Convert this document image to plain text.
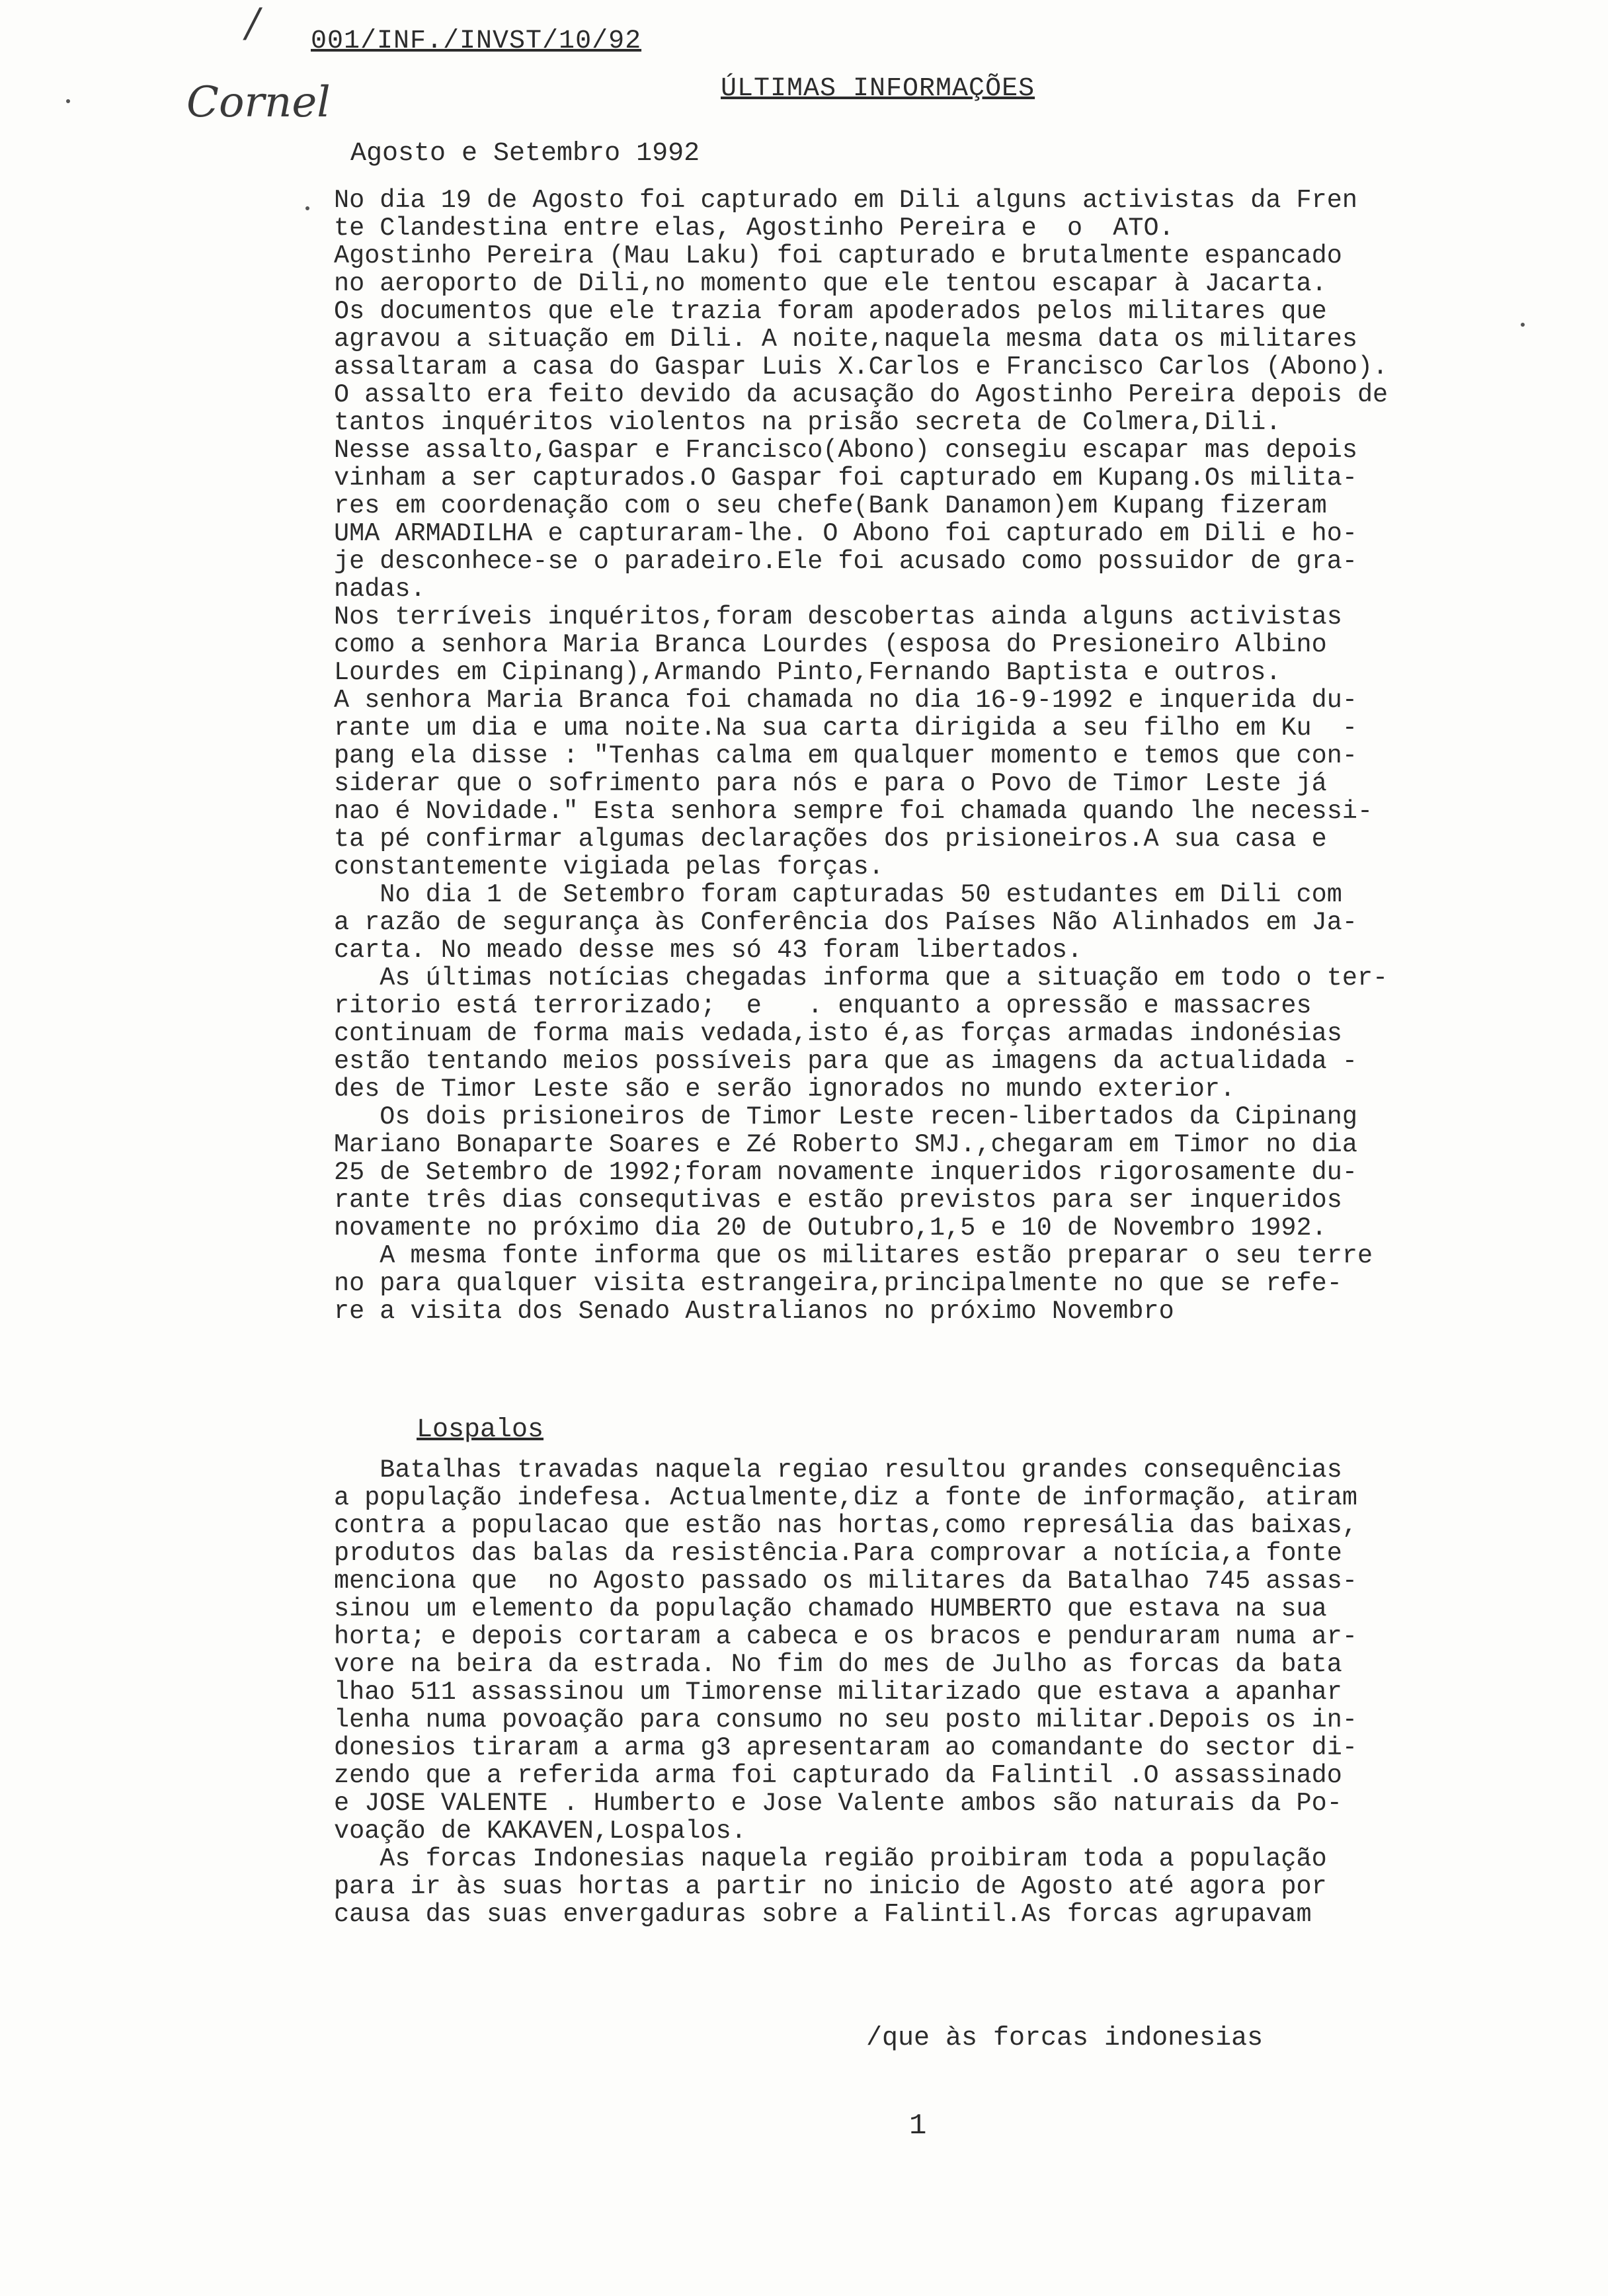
/ 001/INF./INVST/10/92
Cornel	ÚLTIMAS INFORMAÇÕES
Agosto e Setembro 1992

No dia 19 de Agosto foi capturado em Dili alguns activistas da Fren

te Clandestina entre elas, Agostinho Pereira e  o  ATO.

Agostinho Pereira (Mau Laku) foi capturado e brutalmente espancado

no aeroporto de Dili,no momento que ele tentou escapar à Jacarta.

Os documentos que ele trazia foram apoderados pelos militares que

agravou a situação em Dili. A noite,naquela mesma data os militares

assaltaram a casa do Gaspar Luis X.Carlos e Francisco Carlos (Abono).

O assalto era feito devido da acusação do Agostinho Pereira depois de

tantos inquéritos violentos na prisão secreta de Colmera,Dili.

Nesse assalto,Gaspar e Francisco(Abono) consegiu escapar mas depois

vinham a ser capturados.O Gaspar foi capturado em Kupang.Os milita-

res em coordenação com o seu chefe(Bank Danamon)em Kupang fizeram

UMA ARMADILHA e capturaram-lhe. O Abono foi capturado em Dili e ho-

je desconhece-se o paradeiro.Ele foi acusado como possuidor de gra-

nadas.

Nos terríveis inquéritos,foram descobertas ainda alguns activistas

como a senhora Maria Branca Lourdes (esposa do Presioneiro Albino

Lourdes em Cipinang),Armando Pinto,Fernando Baptista e outros.

A senhora Maria Branca foi chamada no dia 16-9-1992 e inquerida du-

rante um dia e uma noite.Na sua carta dirigida a seu filho em Ku  -

pang ela disse : "Tenhas calma em qualquer momento e temos que con-

siderar que o sofrimento para nós e para o Povo de Timor Leste já

nao é Novidade." Esta senhora sempre foi chamada quando lhe necessi-

ta pé confirmar algumas declarações dos prisioneiros.A sua casa e

constantemente vigiada pelas forças.

No dia 1 de Setembro foram capturadas 50 estudantes em Dili com

a razão de segurança às Conferência dos Países Não Alinhados em Ja-

carta. No meado desse mes só 43 foram libertados.

As últimas notícias chegadas informa que a situação em todo o ter-

ritorio está terrorizado;  e   . enquanto a opressão e massacres

continuam de forma mais vedada,isto é,as forças armadas indonésias

estão tentando meios possíveis para que as imagens da actualidada -

des de Timor Leste são e serão ignorados no mundo exterior.

Os dois prisioneiros de Timor Leste recen-libertados da Cipinang

Mariano Bonaparte Soares e Zé Roberto SMJ.,chegaram em Timor no dia

25 de Setembro de 1992;foram novamente inqueridos rigorosamente du-

rante três dias consequtivas e estão previstos para ser inqueridos

novamente no próximo dia 20 de Outubro,1,5 e 10 de Novembro 1992.

A mesma fonte informa que os militares estão preparar o seu terre

no para qualquer visita estrangeira,principalmente no que se refe-

re a visita dos Senado Australianos no próximo Novembro

Lospalos

Batalhas travadas naquela regiao resultou grandes consequências

a população indefesa. Actualmente,diz a fonte de informação, atiram

contra a populacao que estão nas hortas,como represália das baixas,

produtos das balas da resistência.Para comprovar a notícia,a fonte

menciona que  no Agosto passado os militares da Batalhao 745 assas-

sinou um elemento da população chamado HUMBERTO que estava na sua

horta; e depois cortaram a cabeca e os bracos e penduraram numa ar-

vore na beira da estrada. No fim do mes de Julho as forcas da bata

lhao 511 assassinou um Timorense militarizado que estava a apanhar

lenha numa povoação para consumo no seu posto militar.Depois os in-

donesios tiraram a arma g3 apresentaram ao comandante do sector di-

zendo que a referida arma foi capturado da Falintil .O assassinado

e JOSE VALENTE . Humberto e Jose Valente ambos são naturais da Po-

voação de KAKAVEN,Lospalos.

As forcas Indonesias naquela região proibiram toda a população

para ir às suas hortas a partir no inicio de Agosto até agora por

causa das suas envergaduras sobre a Falintil.As forcas agrupavam

/que às forcas indonesias
1
